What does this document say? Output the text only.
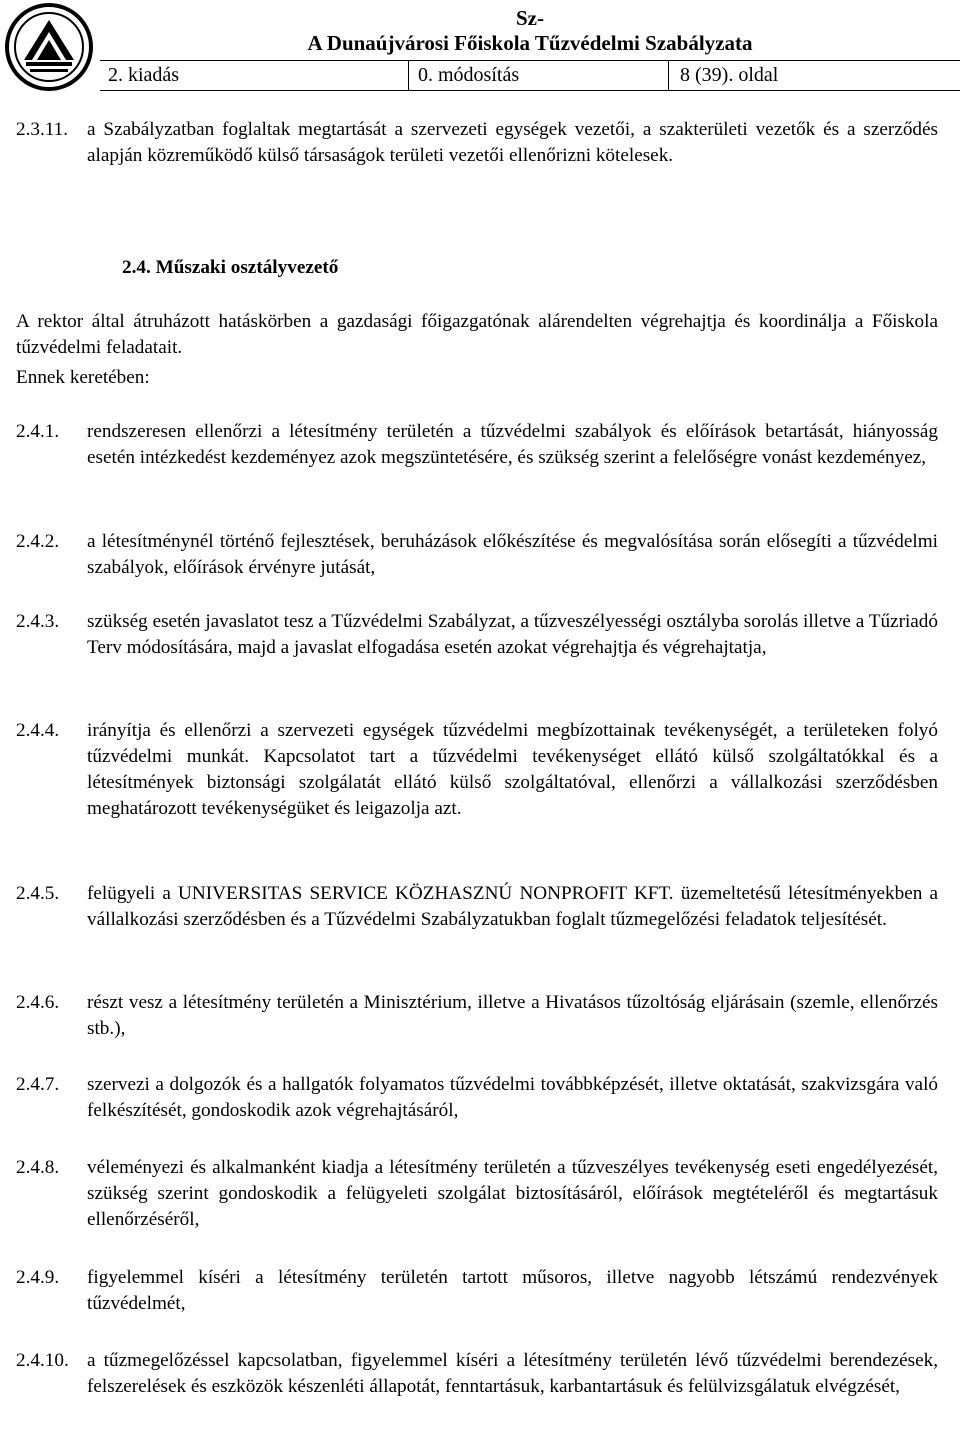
Sz-
A Dunaújvárosi Főiskola Tűzvédelmi Szabályzata
2. kiadás	0. módosítás	8 (39). oldal
2.3.11. a Szabályzatban foglaltak megtartását a szervezeti egységek vezetői, a szakterületi vezetők és a szerződés alapján közreműködő külső társaságok területi vezetői ellenőrizni kötelesek.
2.4. Műszaki osztályvezető
A rektor által átruházott hatáskörben a gazdasági főigazgatónak alárendelten végrehajtja és koordinálja a Főiskola tűzvédelmi feladatait.
Ennek keretében:
2.4.1. rendszeresen ellenőrzi a létesítmény területén a tűzvédelmi szabályok és előírások betartását, hiányosság esetén intézkedést kezdeményez azok megszüntetésére, és szükség szerint a felelőségre vonást kezdeményez,
2.4.2. a létesítménynél történő fejlesztések, beruházások előkészítése és megvalósítása során elősegíti a tűzvédelmi szabályok, előírások érvényre jutását,
2.4.3. szükség esetén javaslatot tesz a Tűzvédelmi Szabályzat, a tűzveszélyességi osztályba sorolás illetve a Tűzriadó Terv módosítására, majd a javaslat elfogadása esetén azokat végrehajtja és végrehajtatja,
2.4.4. irányítja és ellenőrzi a szervezeti egységek tűzvédelmi megbízottainak tevékenységét, a területeken folyó tűzvédelmi munkát. Kapcsolatot tart a tűzvédelmi tevékenységet ellátó külső szolgáltatókkal és a létesítmények biztonsági szolgálatát ellátó külső szolgáltatóval, ellenőrzi a vállalkozási szerződésben meghatározott tevékenységüket és leigazolja azt.
2.4.5. felügyeli a UNIVERSITAS SERVICE KÖZHASZNÚ NONPROFIT KFT. üzemeltetésű létesítményekben a vállalkozási szerződésben és a Tűzvédelmi Szabályzatukban foglalt tűzmegelőzési feladatok teljesítését.
2.4.6. részt vesz a létesítmény területén a Minisztérium, illetve a Hivatásos tűzoltóság eljárásain (szemle, ellenőrzés stb.),
2.4.7. szervezi a dolgozók és a hallgatók folyamatos tűzvédelmi továbbképzését, illetve oktatását, szakvizsgára való felkészítését, gondoskodik azok végrehajtásáról,
2.4.8. véleményezi és alkalmanként kiadja a létesítmény területén a tűzveszélyes tevékenység eseti engedélyezését, szükség szerint gondoskodik a felügyeleti szolgálat biztosításáról, előírások megtételéről és megtartásuk ellenőrzéséről,
2.4.9. figyelemmel kíséri a létesítmény területén tartott műsoros, illetve nagyobb létszámú rendezvények tűzvédelmét,
2.4.10. a tűzmegelőzéssel kapcsolatban, figyelemmel kíséri a létesítmény területén lévő tűzvédelmi berendezések, felszerelések és eszközök készenléti állapotát, fenntartásuk, karbantartásuk és felülvizsgálatuk elvégzését,
